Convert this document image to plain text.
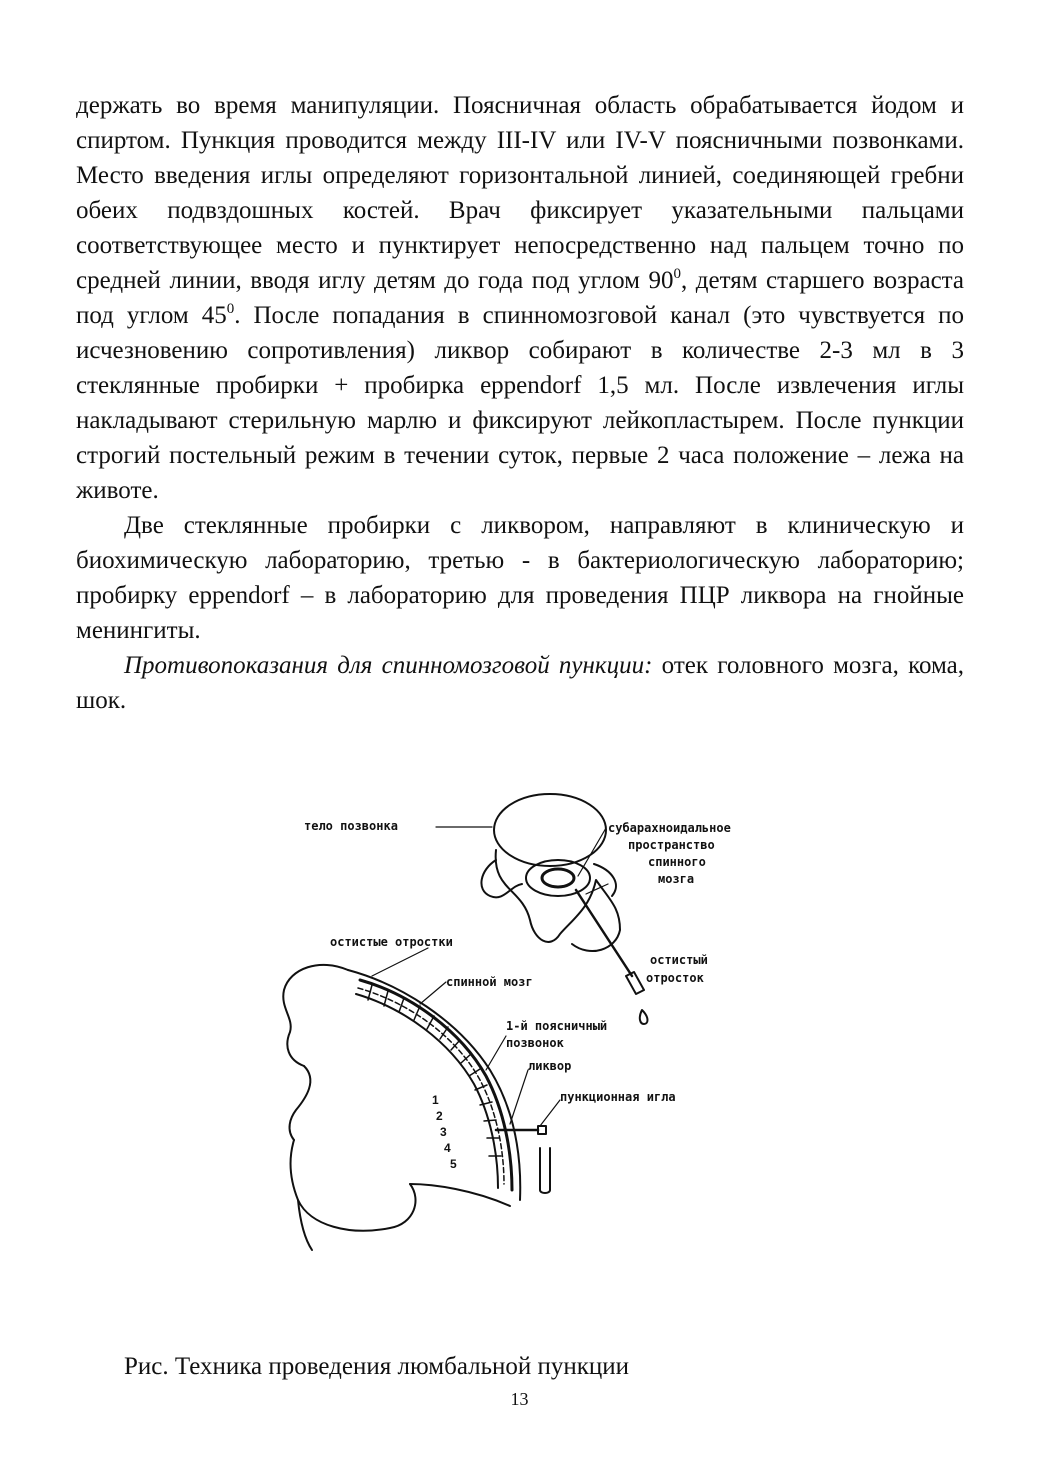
держать во время манипуляции. Поясничная область обрабатывается йодом и спиртом. Пункция проводится между III-IV или IV-V поясничными позвонками. Место введения иглы определяют горизонтальной линией, соединяющей гребни обеих подвздошных костей. Врач фиксирует указательными пальцами соответствующее место и пунктирует непосредственно над пальцем точно по средней линии, вводя иглу детям до года под углом $90^0$, детям старшего возраста под углом $45^0$. После попадания в спинномозговой канал (это чувствуется по исчезновению сопротивления) ликвор собирают в количестве 2-3 мл в 3 стеклянные пробирки + пробирка eppendorf 1,5 мл. После извлечения иглы накладывают стерильную марлю и фиксируют лейкопластырем. После пункции строгий постельный режим в течении суток, первые 2 часа положение – лежа на животе.

Две стеклянные пробирки с ликвором, направляют в клиническую и биохимическую лабораторию, третью - в бактериологическую лабораторию; пробирку eppendorf – в лабораторию для проведения ПЦР ликвора на гнойные менингиты.

Противопоказания для спинномозговой пункции: отек головного мозга, кома, шок.

тело позвонка	субарахноидальное
пространство
спинного
мозга
остистые отростки
спинной мозг
остистый
отросток
1-й поясничный
позвонок
ликвор
пункционная игла
1
2
3
4
5
Рис. Техника проведения люмбальной пункции
13
